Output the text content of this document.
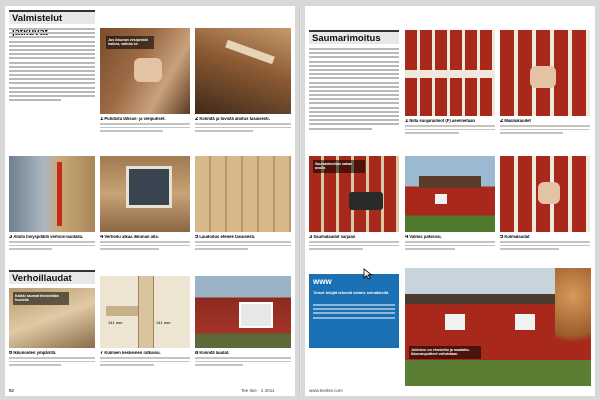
Valmistelut
Jos ikkunan vesipenkki halkea, vaihda se.
1Puhdista lähsus- ja vieipuhset.	2Kiinnitä ja tiivistä aloitus tasaisesti.
3Aloita tiivyspitäilli verhois-laudalla.	4Verhoilu alkaa ikkunan alla.	5Laudoitus etenee tasaisesti.
Verhoillaudat
Kaikki saumat tiivistetään huolella
141 mm	141 mm
6Ikkunoiden ympärillä.	7Kulmien keskeinen ratkaisu.	8Kiinnitä laudat.
92	Tee Itse · 1·2011
Saumarimoitus
1Nilla suojaraimiot (F) asennetaan	2Maaliukaudet
Saumarimoitus sahan avulla
3Saumalaudat sarjaan	4Valmis julkisivu.	5Kulmalaudat
www
Toiset tekijät tekevät valmis seinäkkeitä
Julkisivu on ehostettu ja maalattu. Ikkunanpuitteet vaihdetaan.
www.teeitse.com
